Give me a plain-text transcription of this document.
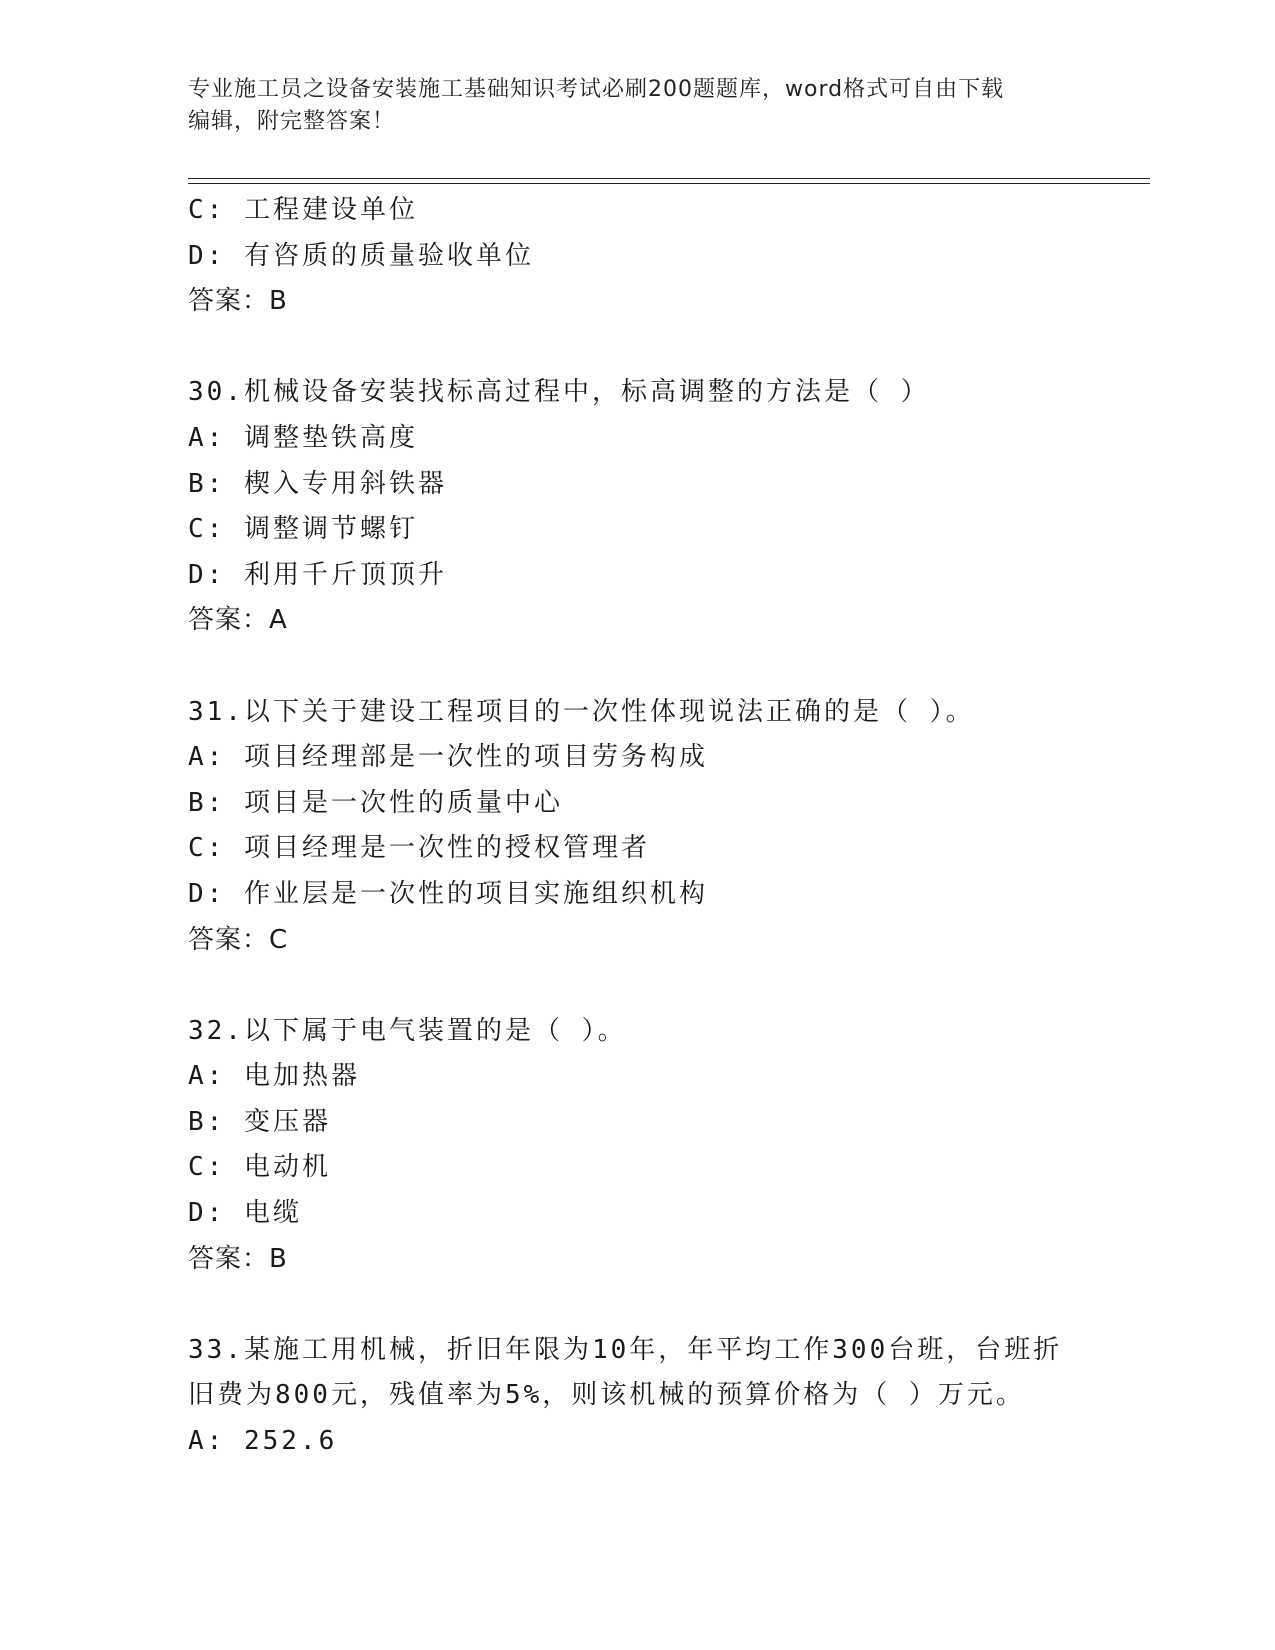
专业施工员之设备安装施工基础知识考试必刷200题题库，word格式可自由下载
编辑，附完整答案！
C: 工程建设单位
D: 有咨质的质量验收单位
答案：B
30.机械设备安装找标高过程中，标高调整的方法是（ ）
A: 调整垫铁高度
B: 楔入专用斜铁器
C: 调整调节螺钉
D: 利用千斤顶顶升
答案：A
31.以下关于建设工程项目的一次性体现说法正确的是（ ）。
A: 项目经理部是一次性的项目劳务构成
B: 项目是一次性的质量中心
C: 项目经理是一次性的授权管理者
D: 作业层是一次性的项目实施组织机构
答案：C
32.以下属于电气装置的是（ ）。
A: 电加热器
B: 变压器
C: 电动机
D: 电缆
答案：B
33.某施工用机械，折旧年限为10年，年平均工作300台班，台班折
旧费为800元，残值率为5%，则该机械的预算价格为（ ）万元。
A: 252.6
